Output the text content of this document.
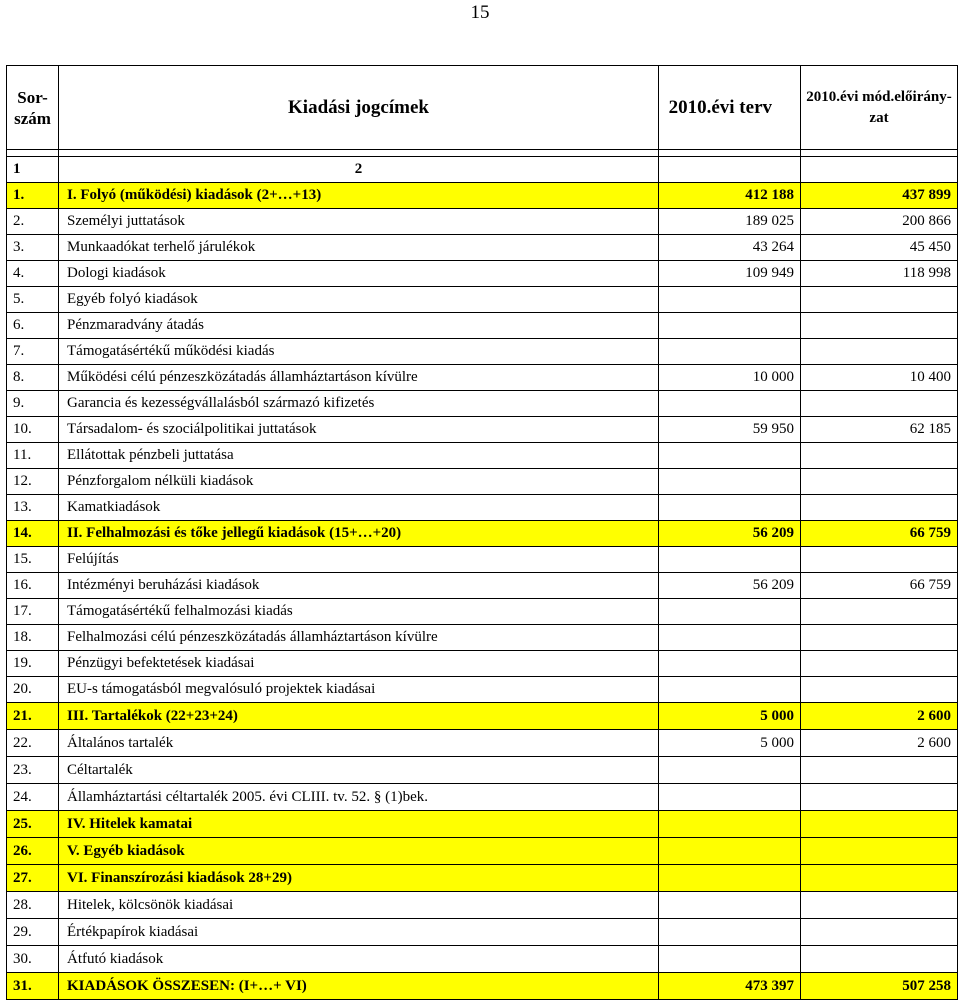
15
Sor-szám	Kiadási jogcímek	2010.évi terv	2010.évi mód.előirány-zat

1	2		
1.	I. Folyó (működési) kiadások (2+…+13)	412 188	437 899
2.	Személyi juttatások	189 025	200 866
3.	Munkaadókat terhelő járulékok	43 264	45 450
4.	Dologi kiadások	109 949	118 998
5.	Egyéb folyó kiadások		
6.	Pénzmaradvány átadás		
7.	Támogatásértékű működési kiadás		
8.	Működési célú pénzeszközátadás államháztartáson kívülre	10 000	10 400
9.	Garancia és kezességvállalásból származó kifizetés		
10.	Társadalom- és szociálpolitikai juttatások	59 950	62 185
11.	Ellátottak pénzbeli juttatása		
12.	Pénzforgalom nélküli kiadások		
13.	Kamatkiadások		
14.	II. Felhalmozási és tőke jellegű kiadások (15+…+20)	56 209	66 759
15.	Felújítás		
16.	Intézményi beruházási kiadások	56 209	66 759
17.	Támogatásértékű felhalmozási kiadás		
18.	Felhalmozási célú pénzeszközátadás államháztartáson kívülre		
19.	Pénzügyi befektetések kiadásai		
20.	EU-s támogatásból megvalósuló projektek kiadásai		
21.	III. Tartalékok (22+23+24)	5 000	2 600
22.	Általános tartalék	5 000	2 600
23.	Céltartalék		
24.	Államháztartási céltartalék 2005. évi CLIII. tv. 52. § (1)bek.		
25.	IV. Hitelek kamatai		
26.	V. Egyéb kiadások		
27.	VI. Finanszírozási kiadások 28+29)		
28.	Hitelek, kölcsönök kiadásai		
29.	Értékpapírok kiadásai		
30.	Átfutó kiadások		
31.	KIADÁSOK ÖSSZESEN: (I+…+ VI)	473 397	507 258
